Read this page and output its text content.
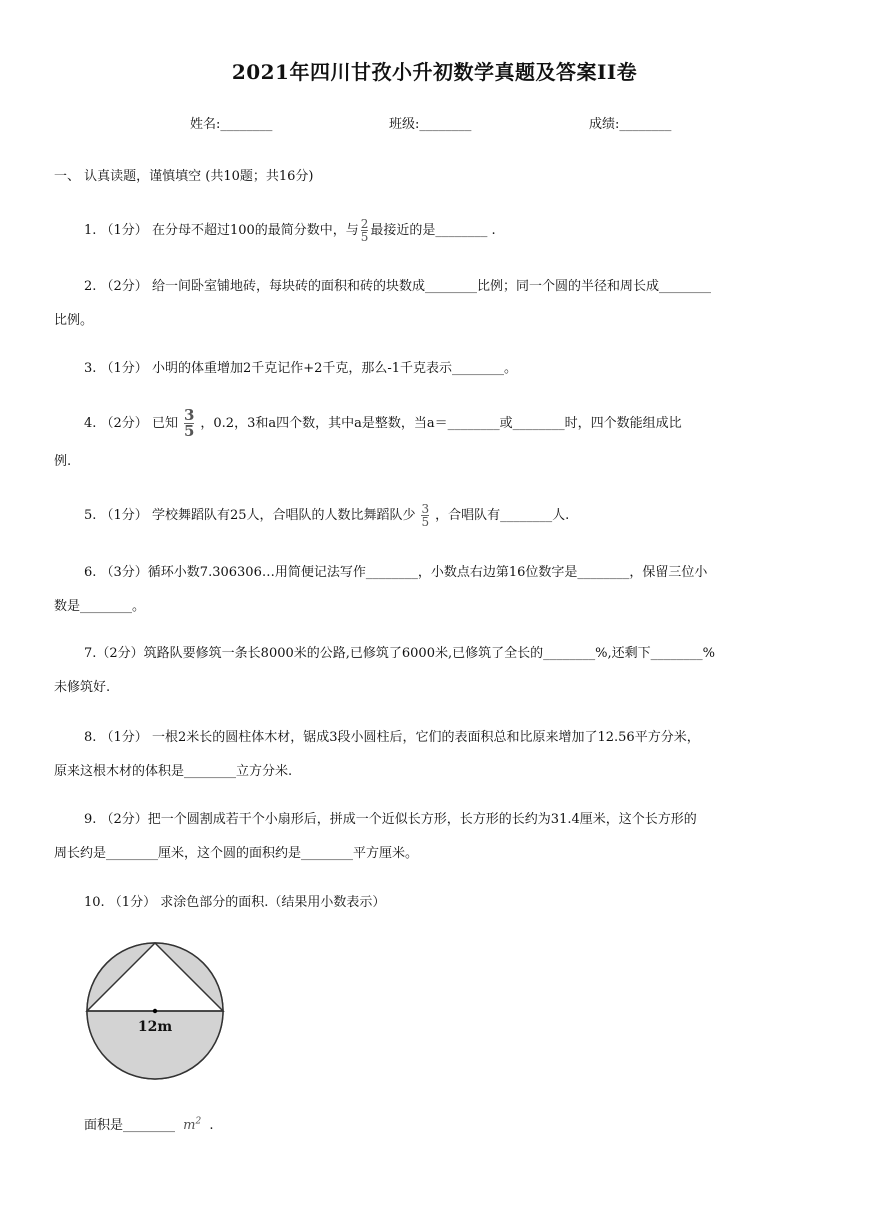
2021年四川甘孜小升初数学真题及答案II卷
姓名:________	班级:________	成绩:________
一、 认真读题，谨慎填空 (共10题；共16分)
1. （1分） 在分母不超过100的最简分数中，与 $\frac{2}{5}$ 最接近的是________ .
2. （2分） 给一间卧室铺地砖，每块砖的面积和砖的块数成________比例；同一个圆的半径和周长成________
比例。
3. （1分） 小明的体重增加2千克记作+2千克，那么-1千克表示________。
4. （2分） 已知 $\frac{3}{5}$ ，0.2，3和a四个数，其中a是整数，当a＝________或________时，四个数能组成比
例.
5. （1分） 学校舞蹈队有25人，合唱队的人数比舞蹈队少 $\frac{3}{5}$ ，合唱队有________人.
6. （3分）循环小数7.306306…用简便记法写作________，小数点右边第16位数字是________，保留三位小
数是________。
7.（2分）筑路队要修筑一条长8000米的公路,已修筑了6000米,已修筑了全长的________%,还剩下________%
未修筑好.
8. （1分） 一根2米长的圆柱体木材，锯成3段小圆柱后，它们的表面积总和比原来增加了12.56平方分米，
原来这根木材的体积是________立方分米.
9. （2分）把一个圆割成若干个小扇形后，拼成一个近似长方形，长方形的长约为31.4厘米，这个长方形的
周长约是________厘米，这个圆的面积约是________平方厘米。
10. （1分） 求涂色部分的面积.（结果用小数表示）
12m
面积是________ $m^2$ .
